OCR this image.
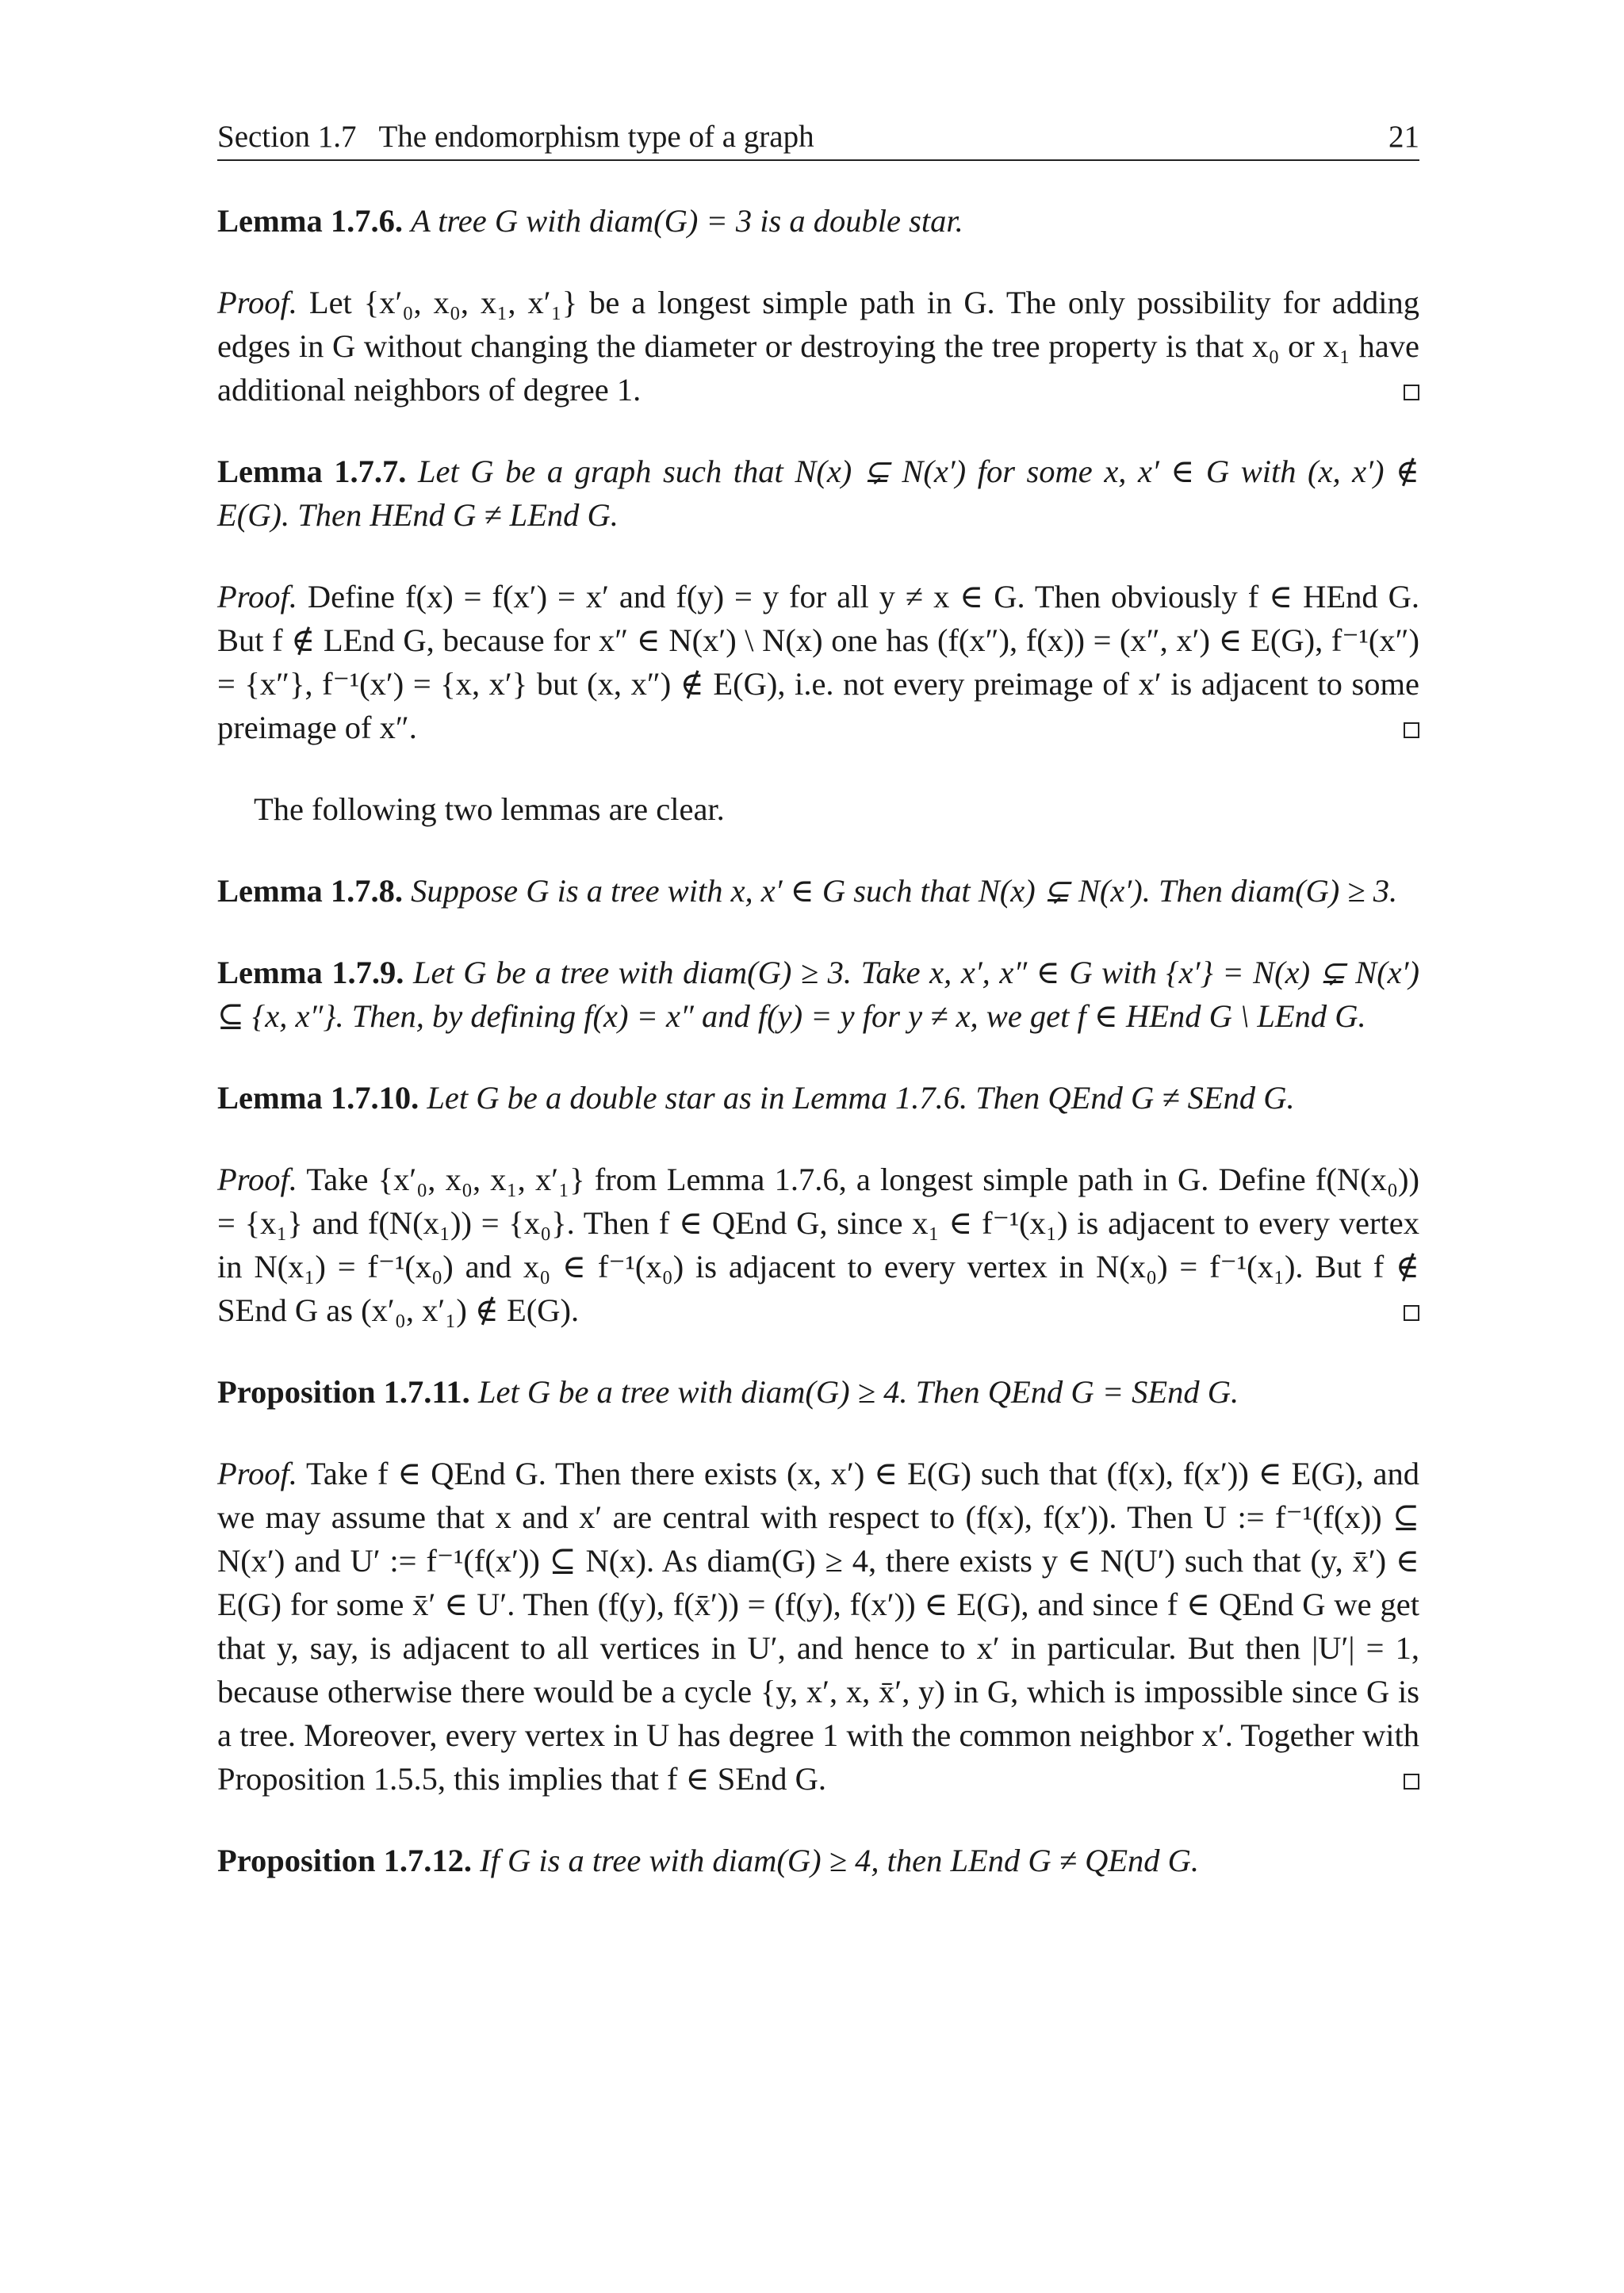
Section 1.7 The endomorphism type of a graph	21

Lemma 1.7.6. A tree G with diam(G) = 3 is a double star.

Proof. Let {x′₀, x₀, x₁, x′₁} be a longest simple path in G. The only possibility for adding edges in G without changing the diameter or destroying the tree property is that x₀ or x₁ have additional neighbors of degree 1.

Lemma 1.7.7. Let G be a graph such that N(x) ⊊ N(x′) for some x, x′ ∈ G with (x, x′) ∉ E(G). Then HEnd G ≠ LEnd G.

Proof. Define f(x) = f(x′) = x′ and f(y) = y for all y ≠ x ∈ G. Then obviously f ∈ HEnd G. But f ∉ LEnd G, because for x″ ∈ N(x′) \ N(x) one has (f(x″), f(x)) = (x″, x′) ∈ E(G), f⁻¹(x″) = {x″}, f⁻¹(x′) = {x, x′} but (x, x″) ∉ E(G), i.e. not every preimage of x′ is adjacent to some preimage of x″.

The following two lemmas are clear.

Lemma 1.7.8. Suppose G is a tree with x, x′ ∈ G such that N(x) ⊊ N(x′). Then diam(G) ≥ 3.

Lemma 1.7.9. Let G be a tree with diam(G) ≥ 3. Take x, x′, x″ ∈ G with {x′} = N(x) ⊊ N(x′) ⊆ {x, x″}. Then, by defining f(x) = x″ and f(y) = y for y ≠ x, we get f ∈ HEnd G \ LEnd G.

Lemma 1.7.10. Let G be a double star as in Lemma 1.7.6. Then QEnd G ≠ SEnd G.

Proof. Take {x′₀, x₀, x₁, x′₁} from Lemma 1.7.6, a longest simple path in G. Define f(N(x₀)) = {x₁} and f(N(x₁)) = {x₀}. Then f ∈ QEnd G, since x₁ ∈ f⁻¹(x₁) is adjacent to every vertex in N(x₁) = f⁻¹(x₀) and x₀ ∈ f⁻¹(x₀) is adjacent to every vertex in N(x₀) = f⁻¹(x₁). But f ∉ SEnd G as (x′₀, x′₁) ∉ E(G).

Proposition 1.7.11. Let G be a tree with diam(G) ≥ 4. Then QEnd G = SEnd G.

Proof. Take f ∈ QEnd G. Then there exists (x, x′) ∈ E(G) such that (f(x), f(x′)) ∈ E(G), and we may assume that x and x′ are central with respect to (f(x), f(x′)). Then U := f⁻¹(f(x)) ⊆ N(x′) and U′ := f⁻¹(f(x′)) ⊆ N(x). As diam(G) ≥ 4, there exists y ∈ N(U′) such that (y, x̄′) ∈ E(G) for some x̄′ ∈ U′. Then (f(y), f(x̄′)) = (f(y), f(x′)) ∈ E(G), and since f ∈ QEnd G we get that y, say, is adjacent to all vertices in U′, and hence to x′ in particular. But then |U′| = 1, because otherwise there would be a cycle {y, x′, x, x̄′, y) in G, which is impossible since G is a tree. Moreover, every vertex in U has degree 1 with the common neighbor x′. Together with Proposition 1.5.5, this implies that f ∈ SEnd G.

Proposition 1.7.12. If G is a tree with diam(G) ≥ 4, then LEnd G ≠ QEnd G.
